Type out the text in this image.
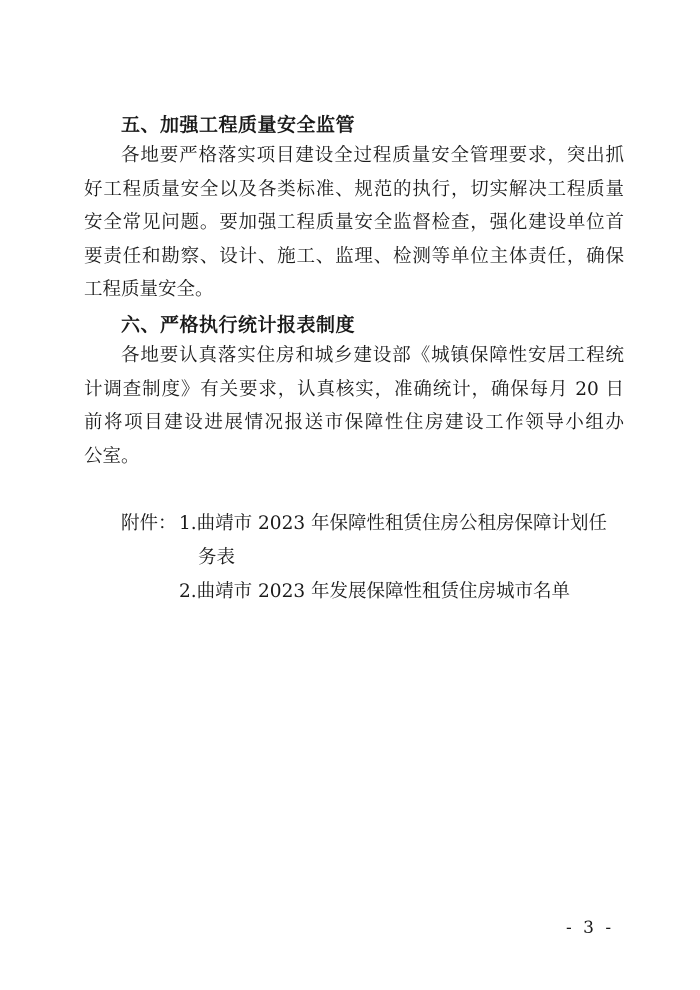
五、加强工程质量安全监管
各地要严格落实项目建设全过程质量安全管理要求，突出抓
好工程质量安全以及各类标准、规范的执行，切实解决工程质量
安全常见问题。要加强工程质量安全监督检查，强化建设单位首
要责任和勘察、设计、施工、监理、检测等单位主体责任，确保
工程质量安全。
六、严格执行统计报表制度
各地要认真落实住房和城乡建设部《城镇保障性安居工程统
计调查制度》有关要求，认真核实，准确统计，确保每月 20 日
前将项目建设进展情况报送市保障性住房建设工作领导小组办
公室。
附件： 1.曲靖市 2023 年保障性租赁住房公租房保障计划任
务表
2.曲靖市 2023 年发展保障性租赁住房城市名单
- 3 -
